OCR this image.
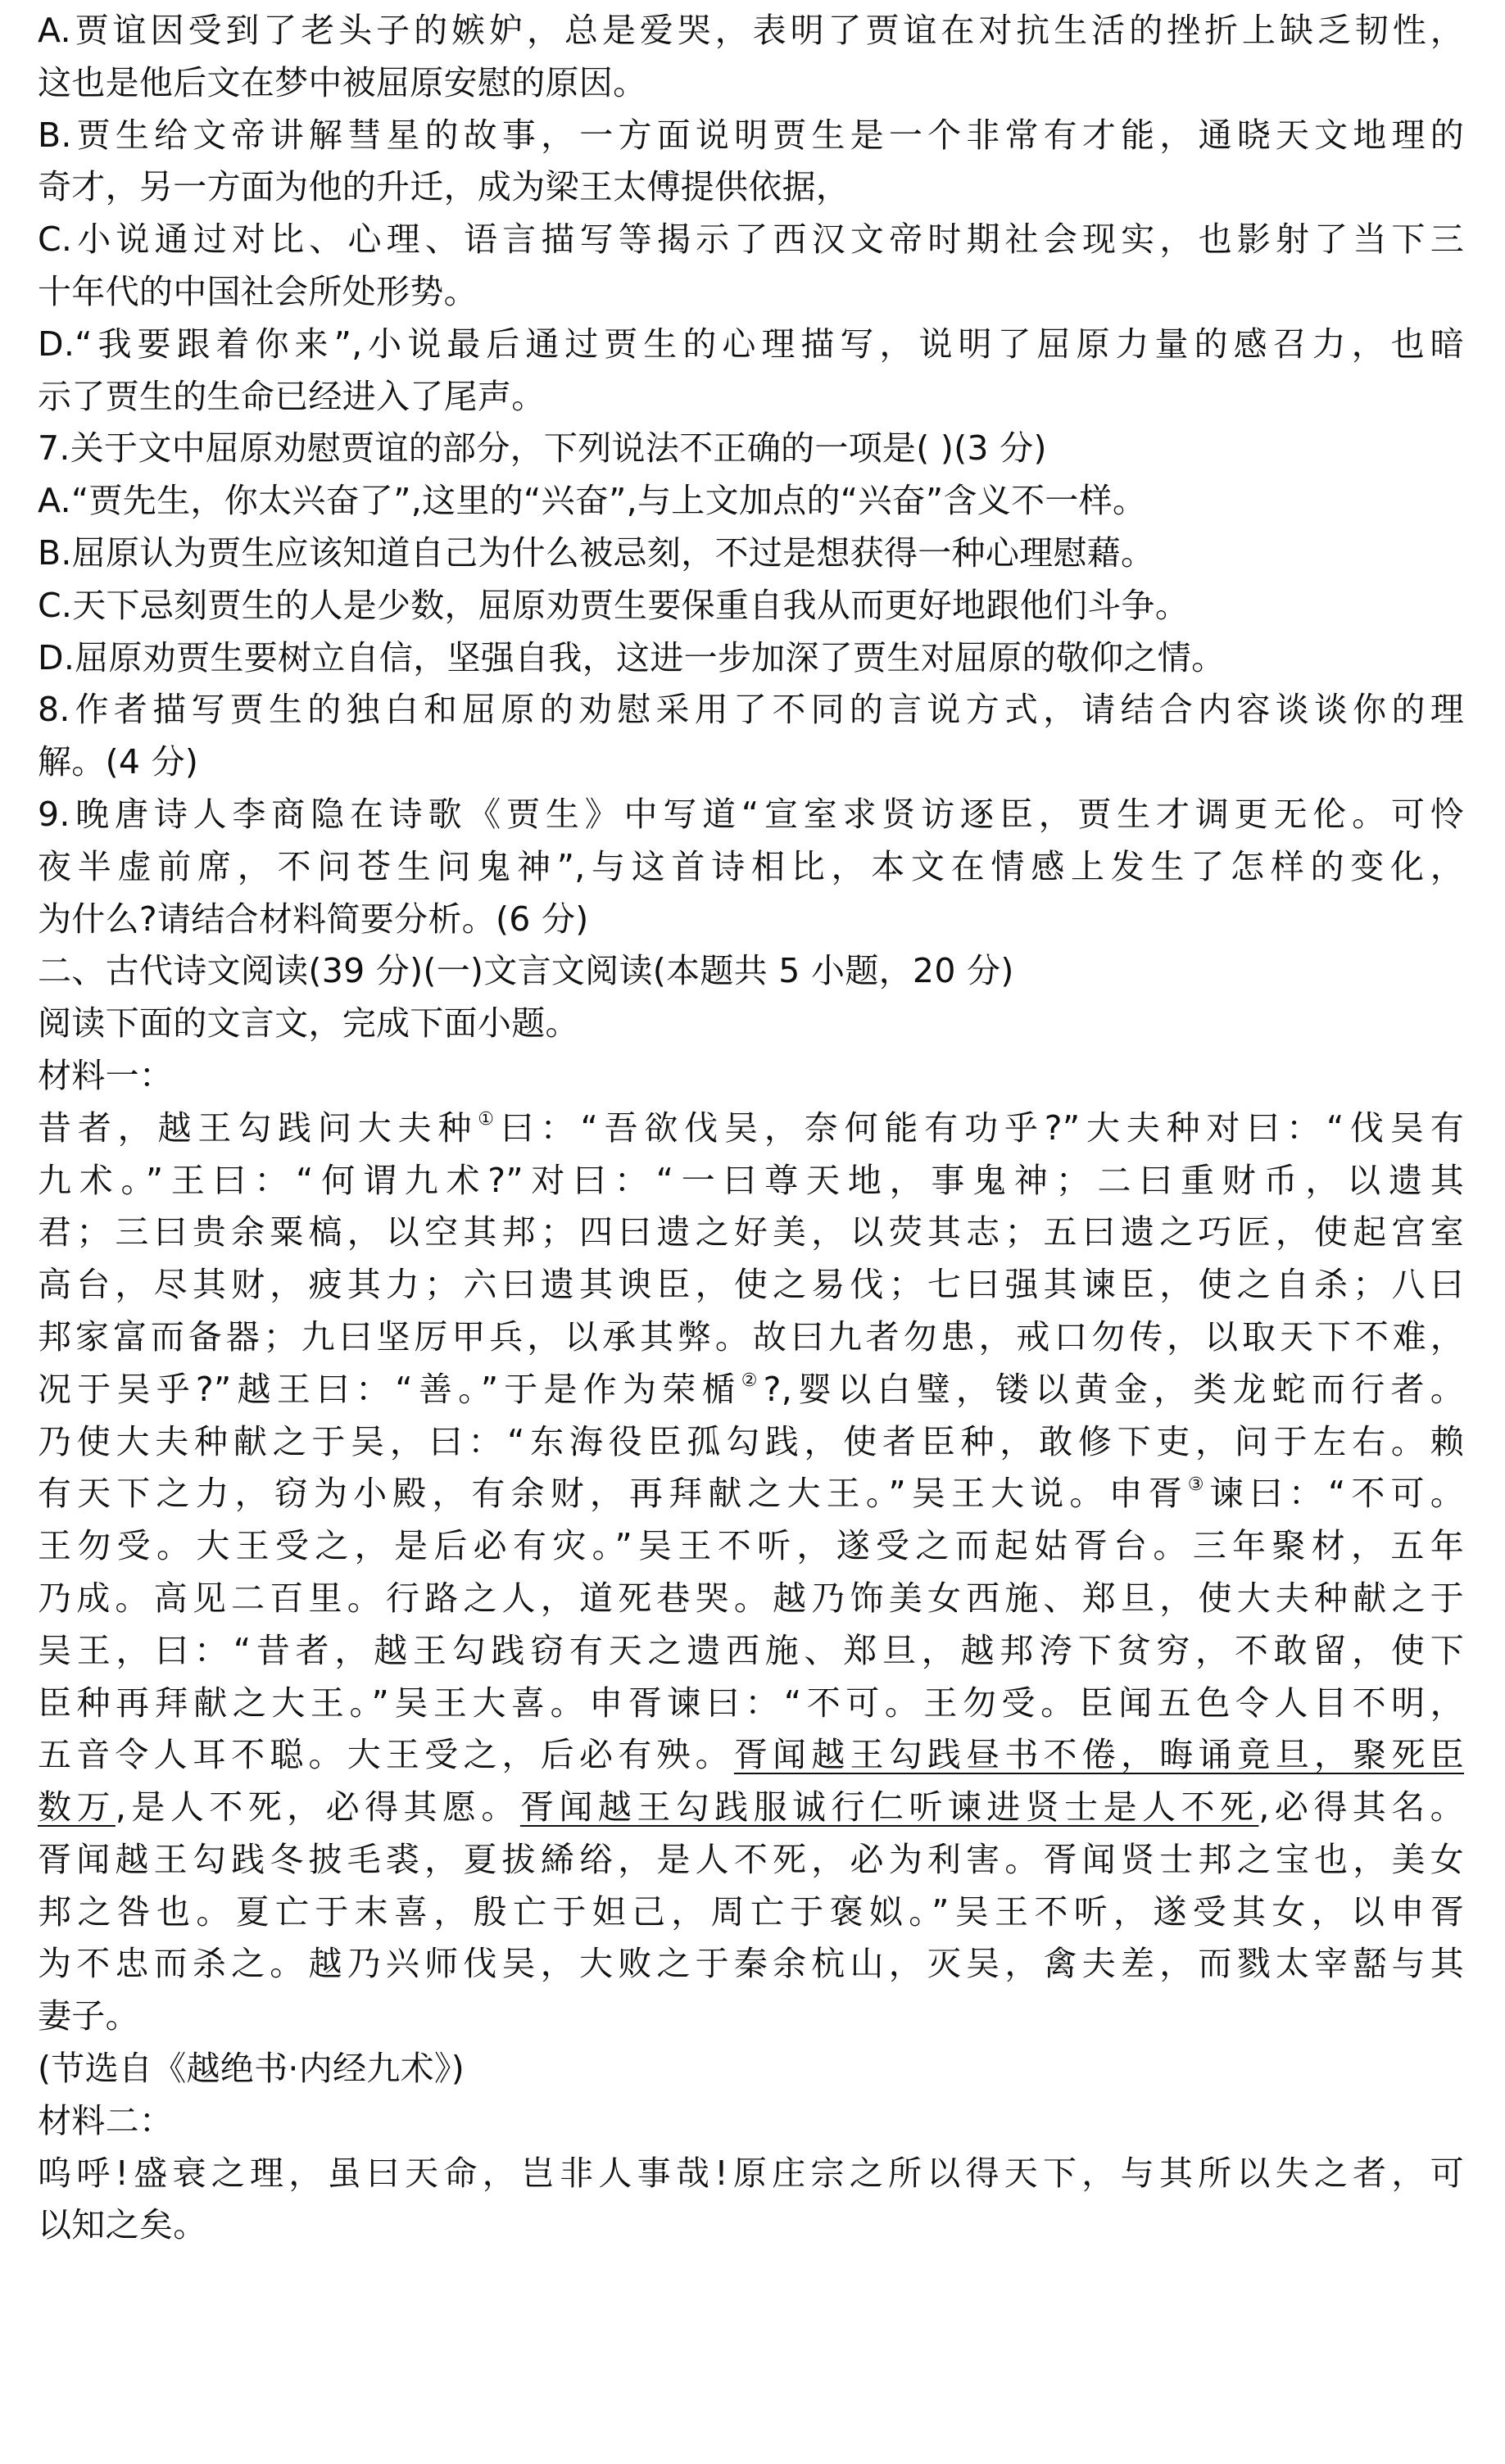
A.贾谊因受到了老头子的嫉妒，总是爱哭，表明了贾谊在对抗生活的挫折上缺乏韧性，
这也是他后文在梦中被屈原安慰的原因。
B.贾生给文帝讲解彗星的故事，一方面说明贾生是一个非常有才能，通晓天文地理的
奇才，另一方面为他的升迁，成为梁王太傅提供依据，
C.小说通过对比、心理、语言描写等揭示了西汉文帝时期社会现实，也影射了当下三
十年代的中国社会所处形势。
D.“我要跟着你来”,小说最后通过贾生的心理描写，说明了屈原力量的感召力，也暗
示了贾生的生命已经进入了尾声。
7.关于文中屈原劝慰贾谊的部分，下列说法不正确的一项是( )(3 分)
A.“贾先生，你太兴奋了”,这里的“兴奋”,与上文加点的“兴奋”含义不一样。
B.屈原认为贾生应该知道自己为什么被忌刻，不过是想获得一种心理慰藉。
C.天下忌刻贾生的人是少数，屈原劝贾生要保重自我从而更好地跟他们斗争。
D.屈原劝贾生要树立自信，坚强自我，这进一步加深了贾生对屈原的敬仰之情。
8.作者描写贾生的独白和屈原的劝慰采用了不同的言说方式，请结合内容谈谈你的理
解。(4 分)
9.晚唐诗人李商隐在诗歌《贾生》中写道“宣室求贤访逐臣，贾生才调更无伦。可怜
夜半虚前席，不问苍生问鬼神”,与这首诗相比，本文在情感上发生了怎样的变化，
为什么?请结合材料简要分析。(6 分)
二、古代诗文阅读(39 分)(一)文言文阅读(本题共 5 小题，20 分)
阅读下面的文言文，完成下面小题。
材料一：
昔者，越王勾践问大夫种①曰：“吾欲伐吴，奈何能有功乎?”大夫种对曰：“伐吴有
九术。”王曰：“何谓九术?”对曰：“一曰尊天地，事鬼神；二曰重财币，以遗其
君；三曰贵余粟槁，以空其邦；四曰遗之好美，以荧其志；五曰遗之巧匠，使起宫室
高台，尽其财，疲其力；六曰遗其谀臣，使之易伐；七曰强其谏臣，使之自杀；八曰
邦家富而备器；九曰坚厉甲兵，以承其弊。故曰九者勿患，戒口勿传，以取天下不难，
况于吴乎?”越王曰：“善。”于是作为荣楯②?,婴以白璧，镂以黄金，类龙蛇而行者。
乃使大夫种献之于吴，曰：“东海役臣孤勾践，使者臣种，敢修下吏，问于左右。赖
有天下之力，窃为小殿，有余财，再拜献之大王。”吴王大说。申胥③谏曰：“不可。
王勿受。大王受之，是后必有灾。”吴王不听，遂受之而起姑胥台。三年聚材，五年
乃成。高见二百里。行路之人，道死巷哭。越乃饰美女西施、郑旦，使大夫种献之于
吴王，曰：“昔者，越王勾践窃有天之遗西施、郑旦，越邦洿下贫穷，不敢留，使下
臣种再拜献之大王。”吴王大喜。申胥谏曰：“不可。王勿受。臣闻五色令人目不明，
五音令人耳不聪。大王受之，后必有殃。胥闻越王勾践昼书不倦，晦诵竟旦，聚死臣
数万,是人不死，必得其愿。胥闻越王勾践服诚行仁听谏进贤士是人不死,必得其名。
胥闻越王勾践冬披毛裘，夏拔絺绤，是人不死，必为利害。胥闻贤士邦之宝也，美女
邦之咎也。夏亡于末喜，殷亡于妲己，周亡于褒姒。”吴王不听，遂受其女，以申胥
为不忠而杀之。越乃兴师伐吴，大败之于秦余杭山，灭吴，禽夫差，而戮太宰嚭与其
妻子。
(节选自《越绝书·内经九术》)
材料二：
呜呼!盛衰之理，虽曰天命，岂非人事哉!原庄宗之所以得天下，与其所以失之者，可
以知之矣。
